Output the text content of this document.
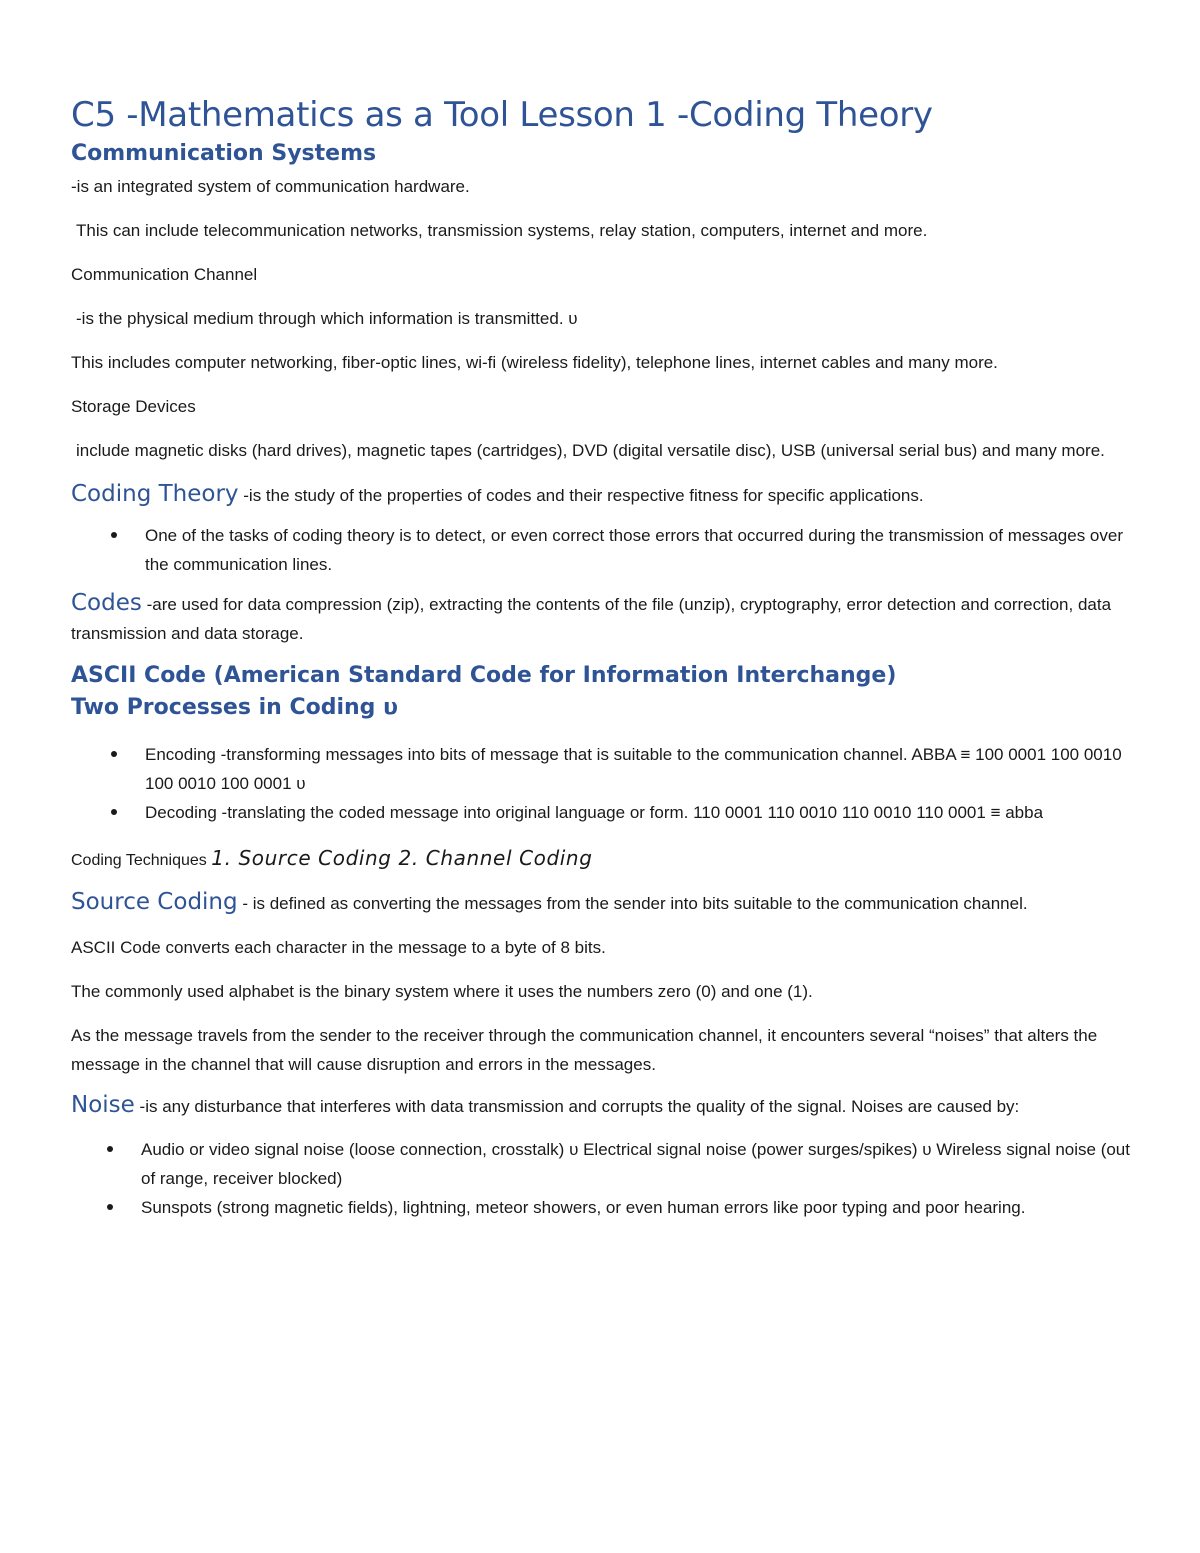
C5 -Mathematics as a Tool Lesson 1 -Coding Theory
Communication Systems

-is an integrated system of communication hardware.

This can include telecommunication networks, transmission systems, relay station, computers, internet and more.

Communication Channel

-is the physical medium through which information is transmitted. υ

This includes computer networking, fiber-optic lines, wi-fi (wireless fidelity), telephone lines, internet cables and many more.

Storage Devices

include magnetic disks (hard drives), magnetic tapes (cartridges), DVD (digital versatile disc), USB (universal serial bus) and many more.

Coding Theory -is the study of the properties of codes and their respective fitness for specific applications.

One of the tasks of coding theory is to detect, or even correct those errors that occurred during the transmission of messages over the communication lines.

Codes -are used for data compression (zip), extracting the contents of the file (unzip), cryptography, error detection and correction, data transmission and data storage.

ASCII Code (American Standard Code for Information Interchange)
Two Processes in Coding υ
Encoding -transforming messages into bits of message that is suitable to the communication channel. ABBA ≡ 100 0001 100 0010 100 0010 100 0001 υ
Decoding -translating the coded message into original language or form. 110 0001 110 0010 110 0010 110 0001 ≡ abba

Coding Techniques 1. Source Coding 2. Channel Coding

Source Coding - is defined as converting the messages from the sender into bits suitable to the communication channel.

ASCII Code converts each character in the message to a byte of 8 bits.

The commonly used alphabet is the binary system where it uses the numbers zero (0) and one (1).

As the message travels from the sender to the receiver through the communication channel, it encounters several “noises” that alters the message in the channel that will cause disruption and errors in the messages.

Noise -is any disturbance that interferes with data transmission and corrupts the quality of the signal. Noises are caused by:

Audio or video signal noise (loose connection, crosstalk) υ Electrical signal noise (power surges/spikes) υ Wireless signal noise (out of range, receiver blocked)
Sunspots (strong magnetic fields), lightning, meteor showers, or even human errors like poor typing and poor hearing.
